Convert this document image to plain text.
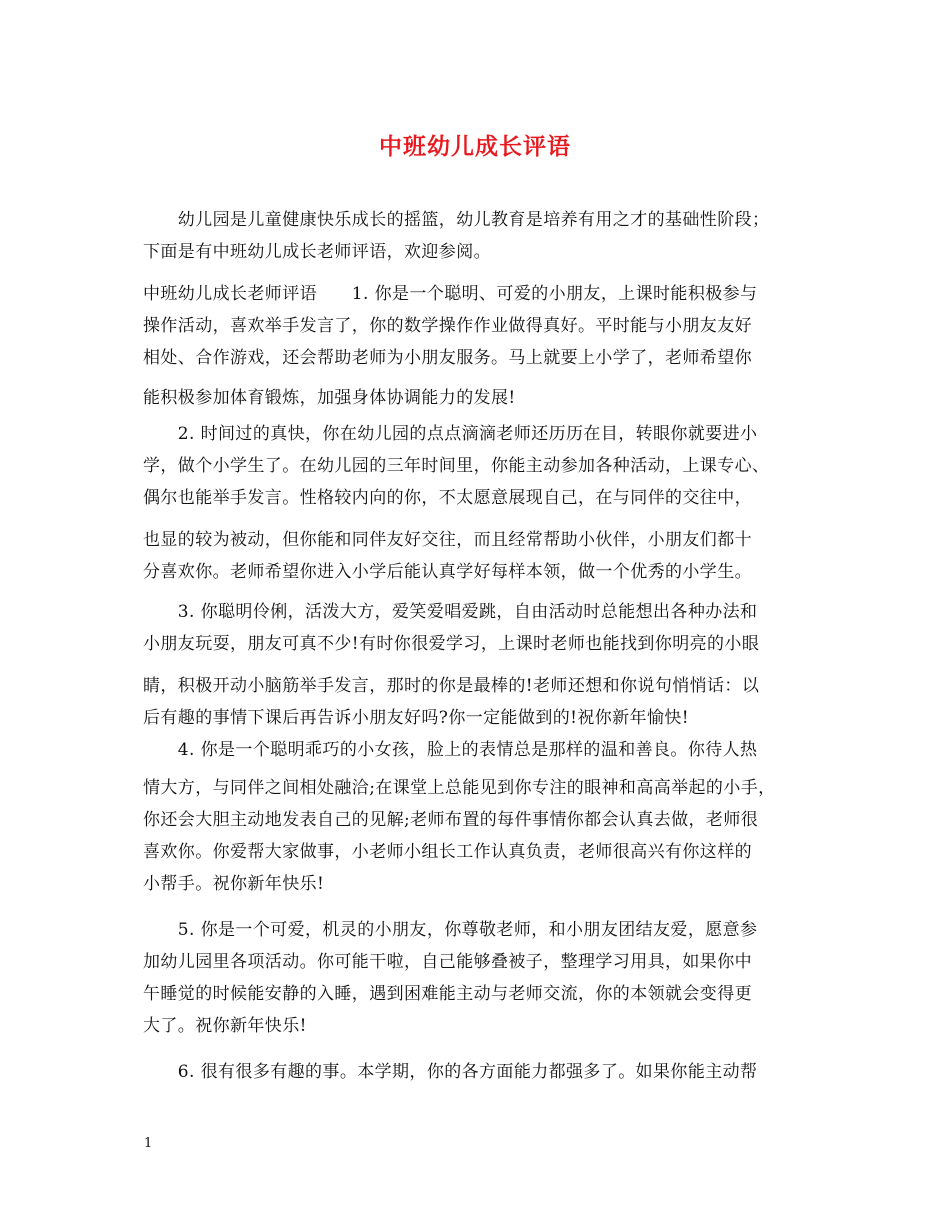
中班幼儿成长评语
　　幼儿园是儿童健康快乐成长的摇篮，幼儿教育是培养有用之才的基础性阶段；
下面是有中班幼儿成长老师评语，欢迎参阅。
中班幼儿成长老师评语　　1. 你是一个聪明、可爱的小朋友，上课时能积极参与
操作活动，喜欢举手发言了，你的数学操作作业做得真好。平时能与小朋友友好
相处、合作游戏，还会帮助老师为小朋友服务。马上就要上小学了，老师希望你
能积极参加体育锻炼，加强身体协调能力的发展!
　　2. 时间过的真快，你在幼儿园的点点滴滴老师还历历在目，转眼你就要进小
学，做个小学生了。在幼儿园的三年时间里，你能主动参加各种活动，上课专心、
偶尔也能举手发言。性格较内向的你，不太愿意展现自己，在与同伴的交往中，
也显的较为被动，但你能和同伴友好交往，而且经常帮助小伙伴，小朋友们都十
分喜欢你。老师希望你进入小学后能认真学好每样本领，做一个优秀的小学生。
　　3. 你聪明伶俐，活泼大方，爱笑爱唱爱跳，自由活动时总能想出各种办法和
小朋友玩耍，朋友可真不少!有时你很爱学习，上课时老师也能找到你明亮的小眼
睛，积极开动小脑筋举手发言，那时的你是最棒的!老师还想和你说句悄悄话：以
后有趣的事情下课后再告诉小朋友好吗?你一定能做到的!祝你新年愉快!
　　4. 你是一个聪明乖巧的小女孩，脸上的表情总是那样的温和善良。你待人热
情大方，与同伴之间相处融洽;在课堂上总能见到你专注的眼神和高高举起的小手，
你还会大胆主动地发表自己的见解;老师布置的每件事情你都会认真去做，老师很
喜欢你。你爱帮大家做事，小老师小组长工作认真负责，老师很高兴有你这样的
小帮手。祝你新年快乐!
　　5. 你是一个可爱，机灵的小朋友，你尊敬老师，和小朋友团结友爱，愿意参
加幼儿园里各项活动。你可能干啦，自己能够叠被子，整理学习用具，如果你中
午睡觉的时候能安静的入睡，遇到困难能主动与老师交流，你的本领就会变得更
大了。祝你新年快乐!
　　6. 很有很多有趣的事。本学期，你的各方面能力都强多了。如果你能主动帮
1
